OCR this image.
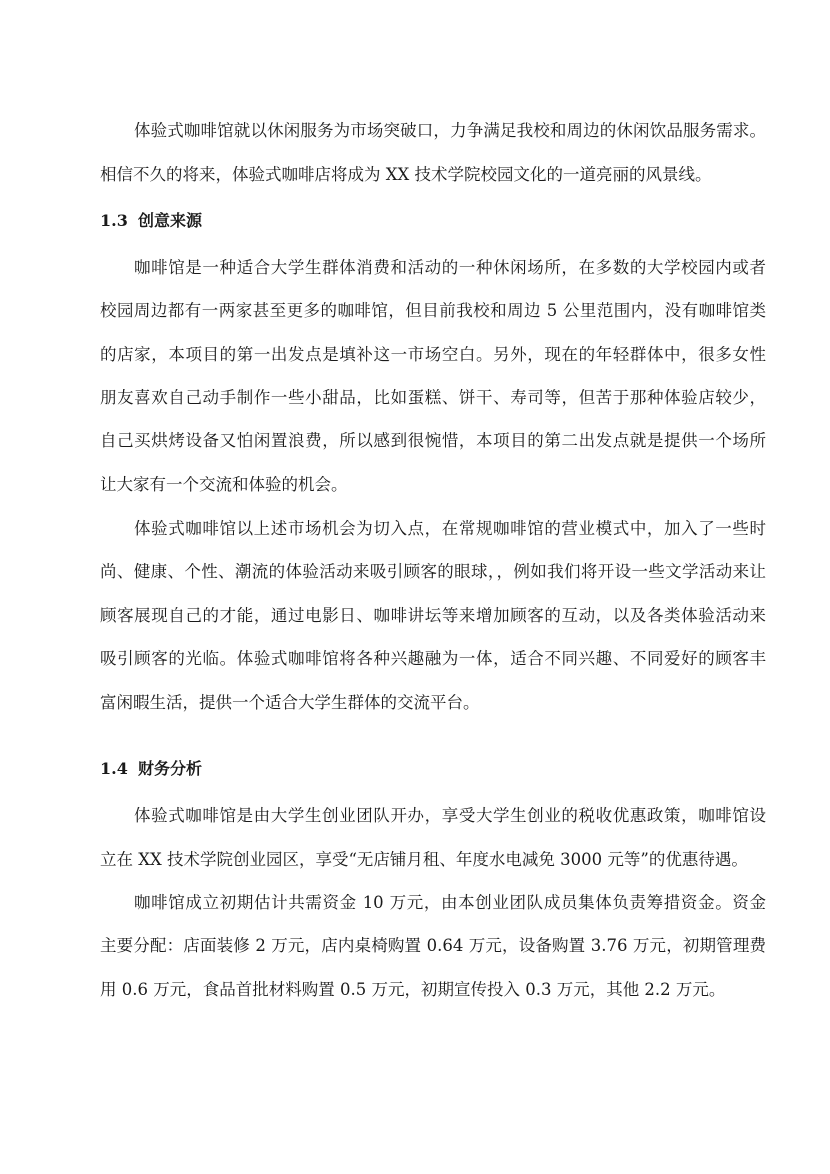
体验式咖啡馆就以休闲服务为市场突破口，力争满足我校和周边的休闲饮品服务需求。
相信不久的将来，体验式咖啡店将成为 XX 技术学院校园文化的一道亮丽的风景线。
1.3 创意来源
咖啡馆是一种适合大学生群体消费和活动的一种休闲场所，在多数的大学校园内或者
校园周边都有一两家甚至更多的咖啡馆，但目前我校和周边 5 公里范围内，没有咖啡馆类
的店家，本项目的第一出发点是填补这一市场空白。另外，现在的年轻群体中，很多女性
朋友喜欢自己动手制作一些小甜品，比如蛋糕、饼干、寿司等，但苦于那种体验店较少，
自己买烘烤设备又怕闲置浪费，所以感到很惋惜，本项目的第二出发点就是提供一个场所
让大家有一个交流和体验的机会。
体验式咖啡馆以上述市场机会为切入点，在常规咖啡馆的营业模式中，加入了一些时
尚、健康、个性、潮流的体验活动来吸引顾客的眼球，，例如我们将开设一些文学活动来让
顾客展现自己的才能，通过电影日、咖啡讲坛等来增加顾客的互动，以及各类体验活动来
吸引顾客的光临。体验式咖啡馆将各种兴趣融为一体，适合不同兴趣、不同爱好的顾客丰
富闲暇生活，提供一个适合大学生群体的交流平台。
1.4 财务分析
体验式咖啡馆是由大学生创业团队开办，享受大学生创业的税收优惠政策，咖啡馆设
立在 XX 技术学院创业园区，享受“无店铺月租、年度水电减免 3000 元等”的优惠待遇。
咖啡馆成立初期估计共需资金 10 万元，由本创业团队成员集体负责筹措资金。资金
主要分配：店面装修 2 万元，店内桌椅购置 0.64 万元，设备购置 3.76 万元，初期管理费
用 0.6 万元，食品首批材料购置 0.5 万元，初期宣传投入 0.3 万元，其他 2.2 万元。
